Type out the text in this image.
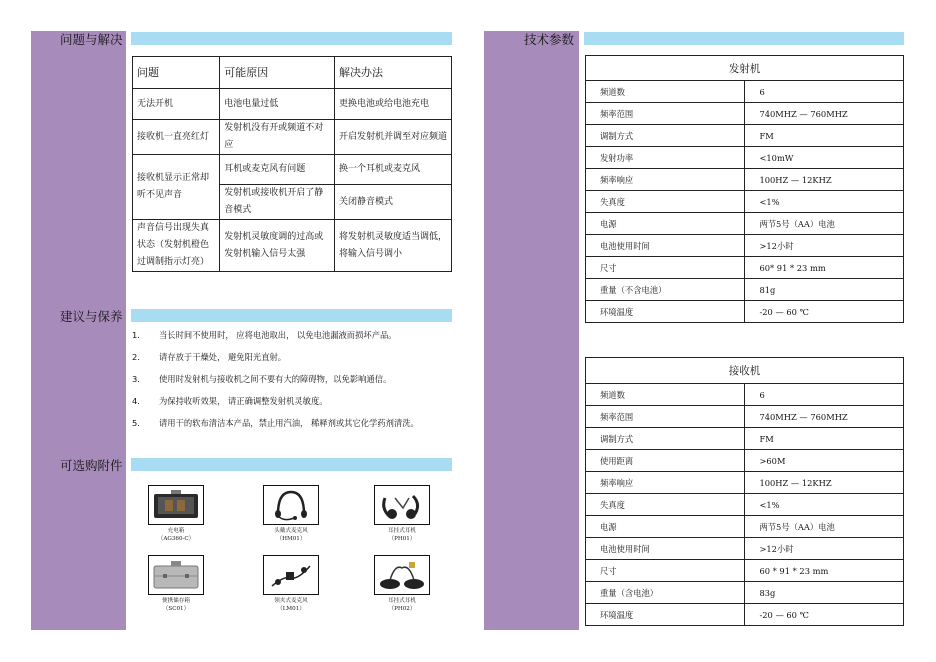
问题与解决
问题	可能原因	解决办法
无法开机	电池电量过低	更换电池或给电池充电
接收机一直亮红灯	发射机没有开或频道不对应	开启发射机并调至对应频道
接收机显示正常却听不见声音	耳机或麦克风有问题	换一个耳机或麦克风
	发射机或接收机开启了静音模式	关闭静音模式
声音信号出现失真状态（发射机橙色过调制指示灯亮）	发射机灵敏度调的过高或发射机输入信号太强	将发射机灵敏度适当调低，将输入信号调小
建议与保养
1. 当长时间不使用时， 应将电池取出， 以免电池漏液而损坏产品。
2. 请存放于干燥处， 避免阳光直射。
3. 使用时发射机与接收机之间不要有大的障碍物，以免影响通信。
4. 为保持收听效果， 请正确调整发射机灵敏度。
5. 请用干的软布清洁本产品，禁止用汽油， 稀释剂或其它化学药剂清洗。
可选购附件
充电箱
（AG360-C）
头戴式麦克风
（HM01）
耳挂式耳机
（PH01）
便携储存箱
（SC01）
领夹式麦克风
（LM01）
耳挂式耳机
（PH02）
技术参数
发射机	
频道数	6
频率范围	740MHZ — 760MHZ
调制方式	FM
发射功率	<10mW
频率响应	100HZ — 12KHZ
失真度	<1%
电源	两节5号（AA）电池
电池使用时间	>12小时
尺寸	60* 91 * 23 mm
重量（不含电池）	81g
环境温度	-20 — 60 ℃
接收机	
频道数	6
频率范围	740MHZ — 760MHZ
调制方式	FM
使用距离	>60M
频率响应	100HZ — 12KHZ
失真度	<1%
电源	两节5号（AA）电池
电池使用时间	>12小时
尺寸	60 * 91 * 23 mm
重量（含电池）	83g
环境温度	-20 — 60 ℃
